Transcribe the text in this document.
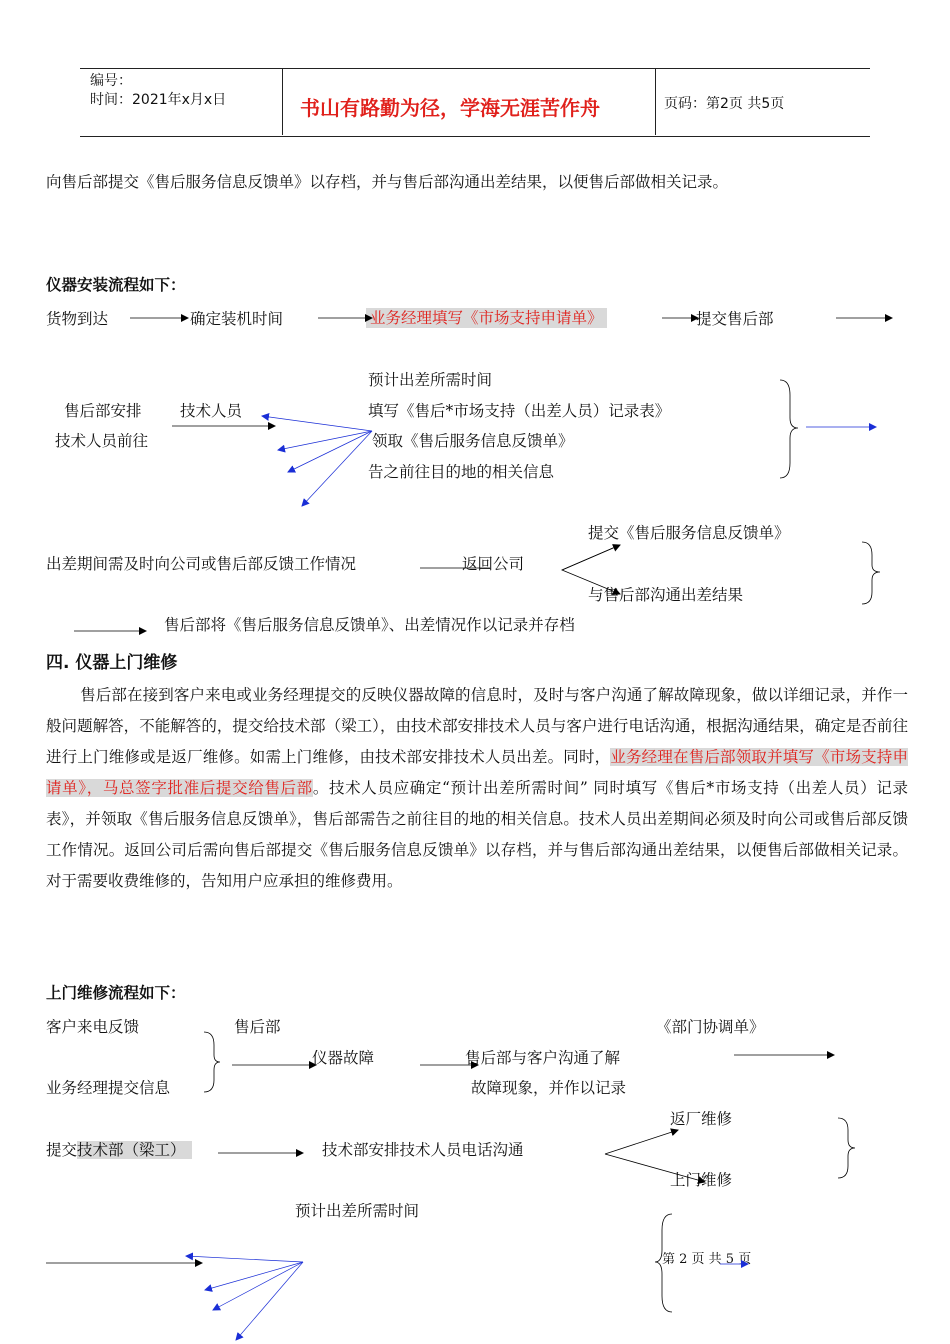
编号：
时间：2021年x月x日	书山有路勤为径，学海无涯苦作舟	页码：第2页 共5页
向售后部提交《售后服务信息反馈单》以存档，并与售后部沟通出差结果，以便售后部做相关记录。
仪器安装流程如下：
货物到达	确定装机时间	业务经理填写《市场支持申请单》	提交售后部
售后部安排
技术人员前往
技术人员
预计出差所需时间
填写《售后*市场支持（出差人员）记录表》
领取《售后服务信息反馈单》
告之前往目的地的相关信息
出差期间需及时向公司或售后部反馈工作情况	返回公司
提交《售后服务信息反馈单》
与售后部沟通出差结果
售后部将《售后服务信息反馈单》、出差情况作以记录并存档
四. 仪器上门维修
售后部在接到客户来电或业务经理提交的反映仪器故障的信息时，及时与客户沟通了解故障现象，做以详细记录，并作一般问题解答，不能解答的，提交给技术部（梁工），由技术部安排技术人员与客户进行电话沟通，根据沟通结果，确定是否前往进行上门维修或是返厂维修。如需上门维修，由技术部安排技术人员出差。同时，业务经理在售后部领取并填写《市场支持申请单》，马总签字批准后提交给售后部。技术人员应确定“预计出差所需时间” 同时填写《售后*市场支持（出差人员）记录表》，并领取《售后服务信息反馈单》，售后部需告之前往目的地的相关信息。技术人员出差期间必须及时向公司或售后部反馈工作情况。返回公司后需向售后部提交《售后服务信息反馈单》以存档，并与售后部沟通出差结果，以便售后部做相关记录。对于需要收费维修的，告知用户应承担的维修费用。
上门维修流程如下：
客户来电反馈
业务经理提交信息
售后部
仪器故障	售后部与客户沟通了解
故障现象，并作以记录
《部门协调单》
提交技术部（梁工）	技术部安排技术人员电话沟通
返厂维修
上门维修
预计出差所需时间
第 2 页 共 5 页
